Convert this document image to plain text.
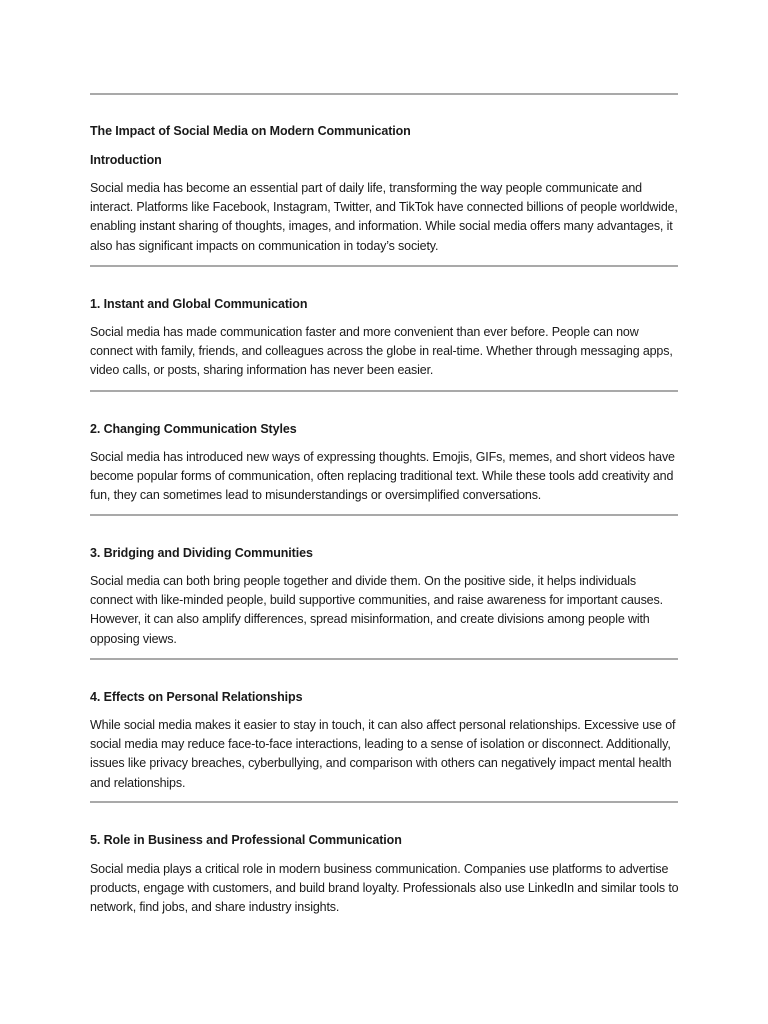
The Impact of Social Media on Modern Communication
Introduction
Social media has become an essential part of daily life, transforming the way people communicate and interact. Platforms like Facebook, Instagram, Twitter, and TikTok have connected billions of people worldwide, enabling instant sharing of thoughts, images, and information. While social media offers many advantages, it also has significant impacts on communication in today’s society.
1. Instant and Global Communication
Social media has made communication faster and more convenient than ever before. People can now connect with family, friends, and colleagues across the globe in real-time. Whether through messaging apps, video calls, or posts, sharing information has never been easier.
2. Changing Communication Styles
Social media has introduced new ways of expressing thoughts. Emojis, GIFs, memes, and short videos have become popular forms of communication, often replacing traditional text. While these tools add creativity and fun, they can sometimes lead to misunderstandings or oversimplified conversations.
3. Bridging and Dividing Communities
Social media can both bring people together and divide them. On the positive side, it helps individuals connect with like-minded people, build supportive communities, and raise awareness for important causes. However, it can also amplify differences, spread misinformation, and create divisions among people with opposing views.
4. Effects on Personal Relationships
While social media makes it easier to stay in touch, it can also affect personal relationships. Excessive use of social media may reduce face-to-face interactions, leading to a sense of isolation or disconnect. Additionally, issues like privacy breaches, cyberbullying, and comparison with others can negatively impact mental health and relationships.
5. Role in Business and Professional Communication
Social media plays a critical role in modern business communication. Companies use platforms to advertise products, engage with customers, and build brand loyalty. Professionals also use LinkedIn and similar tools to network, find jobs, and share industry insights.
